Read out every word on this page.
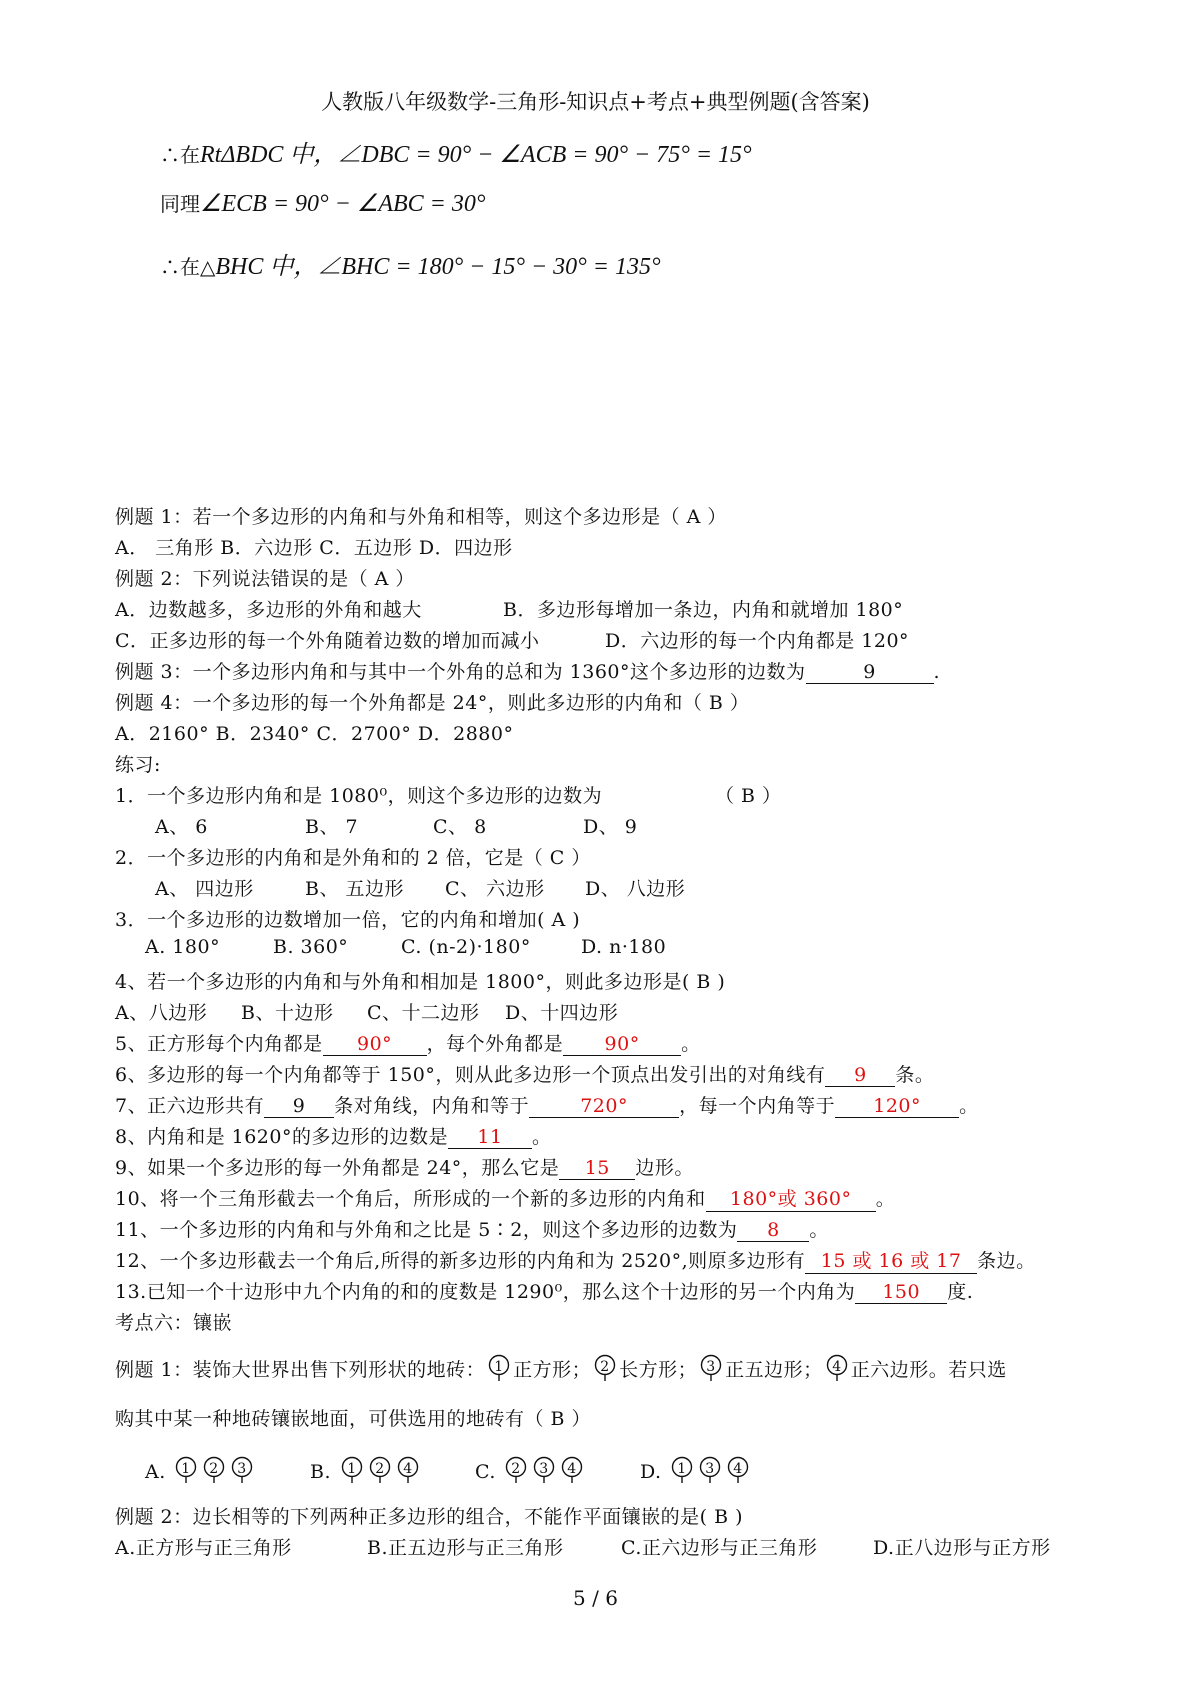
人教版八年级数学-三角形-知识点+考点+典型例题(含答案)
∴在RtΔBDC 中，∠DBC = 90° − ∠ACB = 90° − 75° = 15°
同理∠ECB = 90° − ∠ABC = 30°
∴在△BHC 中，∠BHC = 180° − 15° − 30° = 135°
例题 1：若一个多边形的内角和与外角和相等，则这个多边形是（ A ）
A． 三角形 B．六边形 C．五边形 D．四边形
例题 2：下列说法错误的是（ A ）
A．边数越多，多边形的外角和越大	B．多边形每增加一条边，内角和就增加 180°
C．正多边形的每一个外角随着边数的增加而减小	D．六边形的每一个内角都是 120°
例题 3：一个多边形内角和与其中一个外角的总和为 1360°这个多边形的边数为	9	.
例题 4：一个多边形的每一个外角都是 24°，则此多边形的内角和（ B ）
A．2160° B．2340° C．2700° D．2880°
练习:
1．一个多边形内角和是 1080⁰，则这个多边形的边数为	（ B ）
A、 6	B、 7	C、 8	D、 9
2．一个多边形的内角和是外角和的 2 倍，它是（ C ）
A、 四边形	B、 五边形 C、 六边形 D、 八边形
3．一个多边形的边数增加一倍，它的内角和增加( A )
A. 180°	B. 360°	C. (n-2)·180°	D. n·180
4、若一个多边形的内角和与外角和相加是 1800°，则此多边形是( B )
A、八边形 B、十边形 C、十二边形 D、十四边形
5、正方形每个内角都是 90° ，每个外角都是 90° 。
6、多边形的每一个内角都等于 150°，则从此多边形一个顶点出发引出的对角线有 9 条。
7、正六边形共有 9 条对角线，内角和等于	720°	，每一个内角等于 120° 。
8、内角和是 1620°的多边形的边数是 11 。
9、如果一个多边形的每一外角都是 24°，那么它是 15 边形。
10、将一个三角形截去一个角后，所形成的一个新的多边形的内角和 180°或 360° 。
11、一个多边形的内角和与外角和之比是 5∶2，则这个多边形的边数为 8 。
12、一个多边形截去一个角后,所得的新多边形的内角和为 2520°,则原多边形有 15 或 16 或 17 条边。
13.已知一个十边形中九个内角的和的度数是 1290⁰，那么这个十边形的另一个内角为 150 度.
考点六：镶嵌
例题 1：装饰大世界出售下列形状的地砖： 1 正方形； 2 长方形； 3 正五边形； 4 正六边形。若只选
购其中某一种地砖镶嵌地面，可供选用的地砖有（ B ）
A. 1 2 3	B. 1 2 4	C. 2 3 4	D. 1 3 4
例题 2：边长相等的下列两种正多边形的组合，不能作平面镶嵌的是( B )
A.正方形与正三角形	B.正五边形与正三角形	C.正六边形与正三角形	D.正八边形与正方形
5 / 6
